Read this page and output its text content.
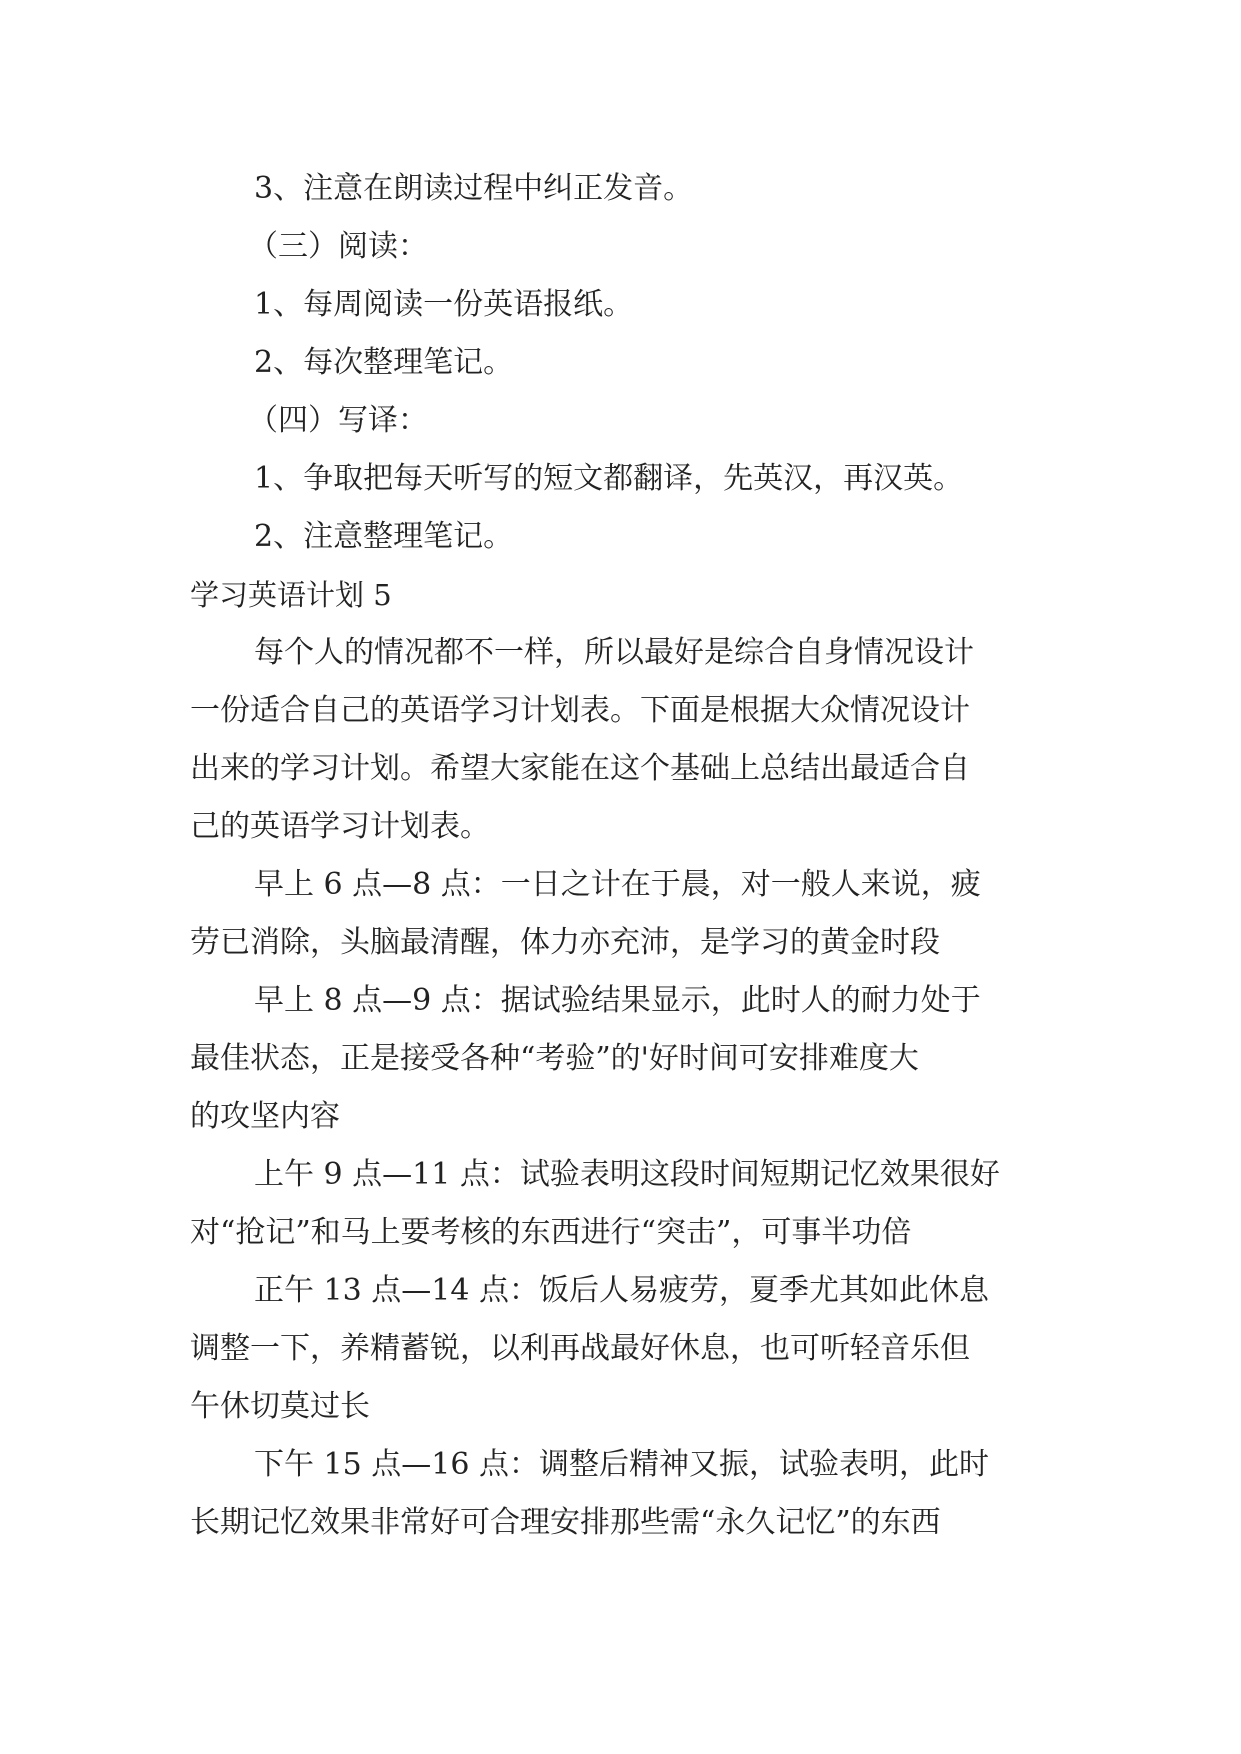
3、注意在朗读过程中纠正发音。
（三）阅读：
1、每周阅读一份英语报纸。
2、每次整理笔记。
（四）写译：
1、争取把每天听写的短文都翻译，先英汉，再汉英。
2、注意整理笔记。
学习英语计划 5
每个人的情况都不一样，所以最好是综合自身情况设计
一份适合自己的英语学习计划表。下面是根据大众情况设计
出来的学习计划。希望大家能在这个基础上总结出最适合自
己的英语学习计划表。
早上 6 点—8 点：一日之计在于晨，对一般人来说，疲
劳已消除，头脑最清醒，体力亦充沛，是学习的黄金时段
早上 8 点—9 点：据试验结果显示，此时人的耐力处于
最佳状态，正是接受各种“考验”的'好时间可安排难度大
的攻坚内容
上午 9 点—11 点：试验表明这段时间短期记忆效果很好
对“抢记”和马上要考核的东西进行“突击”，可事半功倍
正午 13 点—14 点：饭后人易疲劳，夏季尤其如此休息
调整一下，养精蓄锐，以利再战最好休息，也可听轻音乐但
午休切莫过长
下午 15 点—16 点：调整后精神又振，试验表明，此时
长期记忆效果非常好可合理安排那些需“永久记忆”的东西
